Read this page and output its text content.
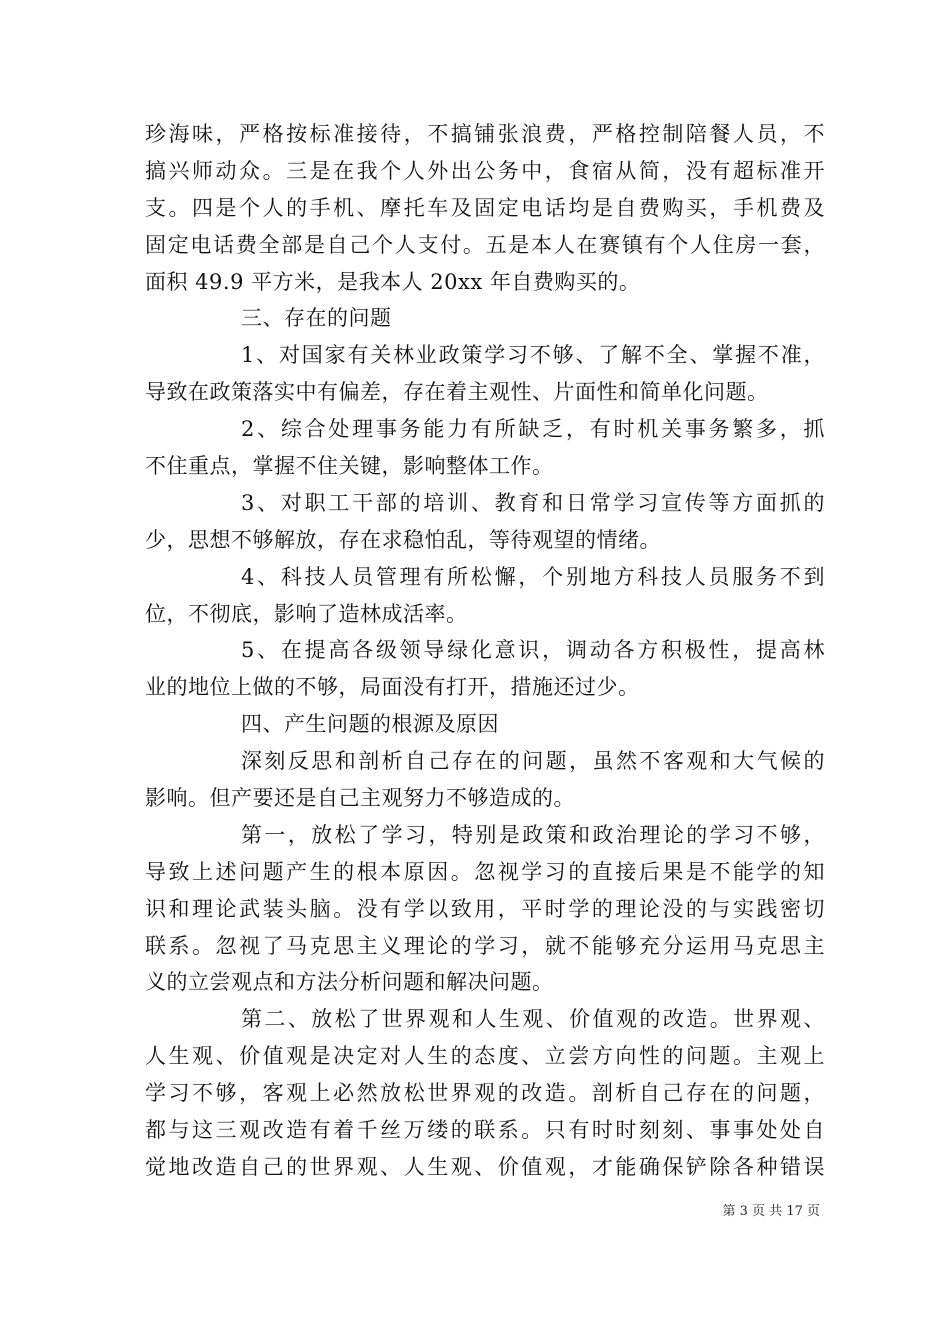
珍海味，严格按标准接待，不搞铺张浪费，严格控制陪餐人员，不
搞兴师动众。三是在我个人外出公务中，食宿从简，没有超标准开
支。四是个人的手机、摩托车及固定电话均是自费购买，手机费及
固定电话费全部是自己个人支付。五是本人在赛镇有个人住房一套，
面积 49.9 平方米，是我本人 20xx 年自费购买的。
三、存在的问题
1、对国家有关林业政策学习不够、了解不全、掌握不准，
导致在政策落实中有偏差，存在着主观性、片面性和简单化问题。
2、综合处理事务能力有所缺乏，有时机关事务繁多，抓
不住重点，掌握不住关键，影响整体工作。
3、对职工干部的培训、教育和日常学习宣传等方面抓的
少，思想不够解放，存在求稳怕乱，等待观望的情绪。
4、科技人员管理有所松懈，个别地方科技人员服务不到
位，不彻底，影响了造林成活率。
5、在提高各级领导绿化意识，调动各方积极性，提高林
业的地位上做的不够，局面没有打开，措施还过少。
四、产生问题的根源及原因
深刻反思和剖析自己存在的问题，虽然不客观和大气候的
影响。但产要还是自己主观努力不够造成的。
第一，放松了学习，特别是政策和政治理论的学习不够，
导致上述问题产生的根本原因。忽视学习的直接后果是不能学的知
识和理论武装头脑。没有学以致用，平时学的理论没的与实践密切
联系。忽视了马克思主义理论的学习，就不能够充分运用马克思主
义的立尝观点和方法分析问题和解决问题。
第二、放松了世界观和人生观、价值观的改造。世界观、
人生观、价值观是决定对人生的态度、立尝方向性的问题。主观上
学习不够，客观上必然放松世界观的改造。剖析自己存在的问题，
都与这三观改造有着千丝万缕的联系。只有时时刻刻、事事处处自
觉地改造自己的世界观、人生观、价值观，才能确保铲除各种错误
第 3 页 共 17 页
